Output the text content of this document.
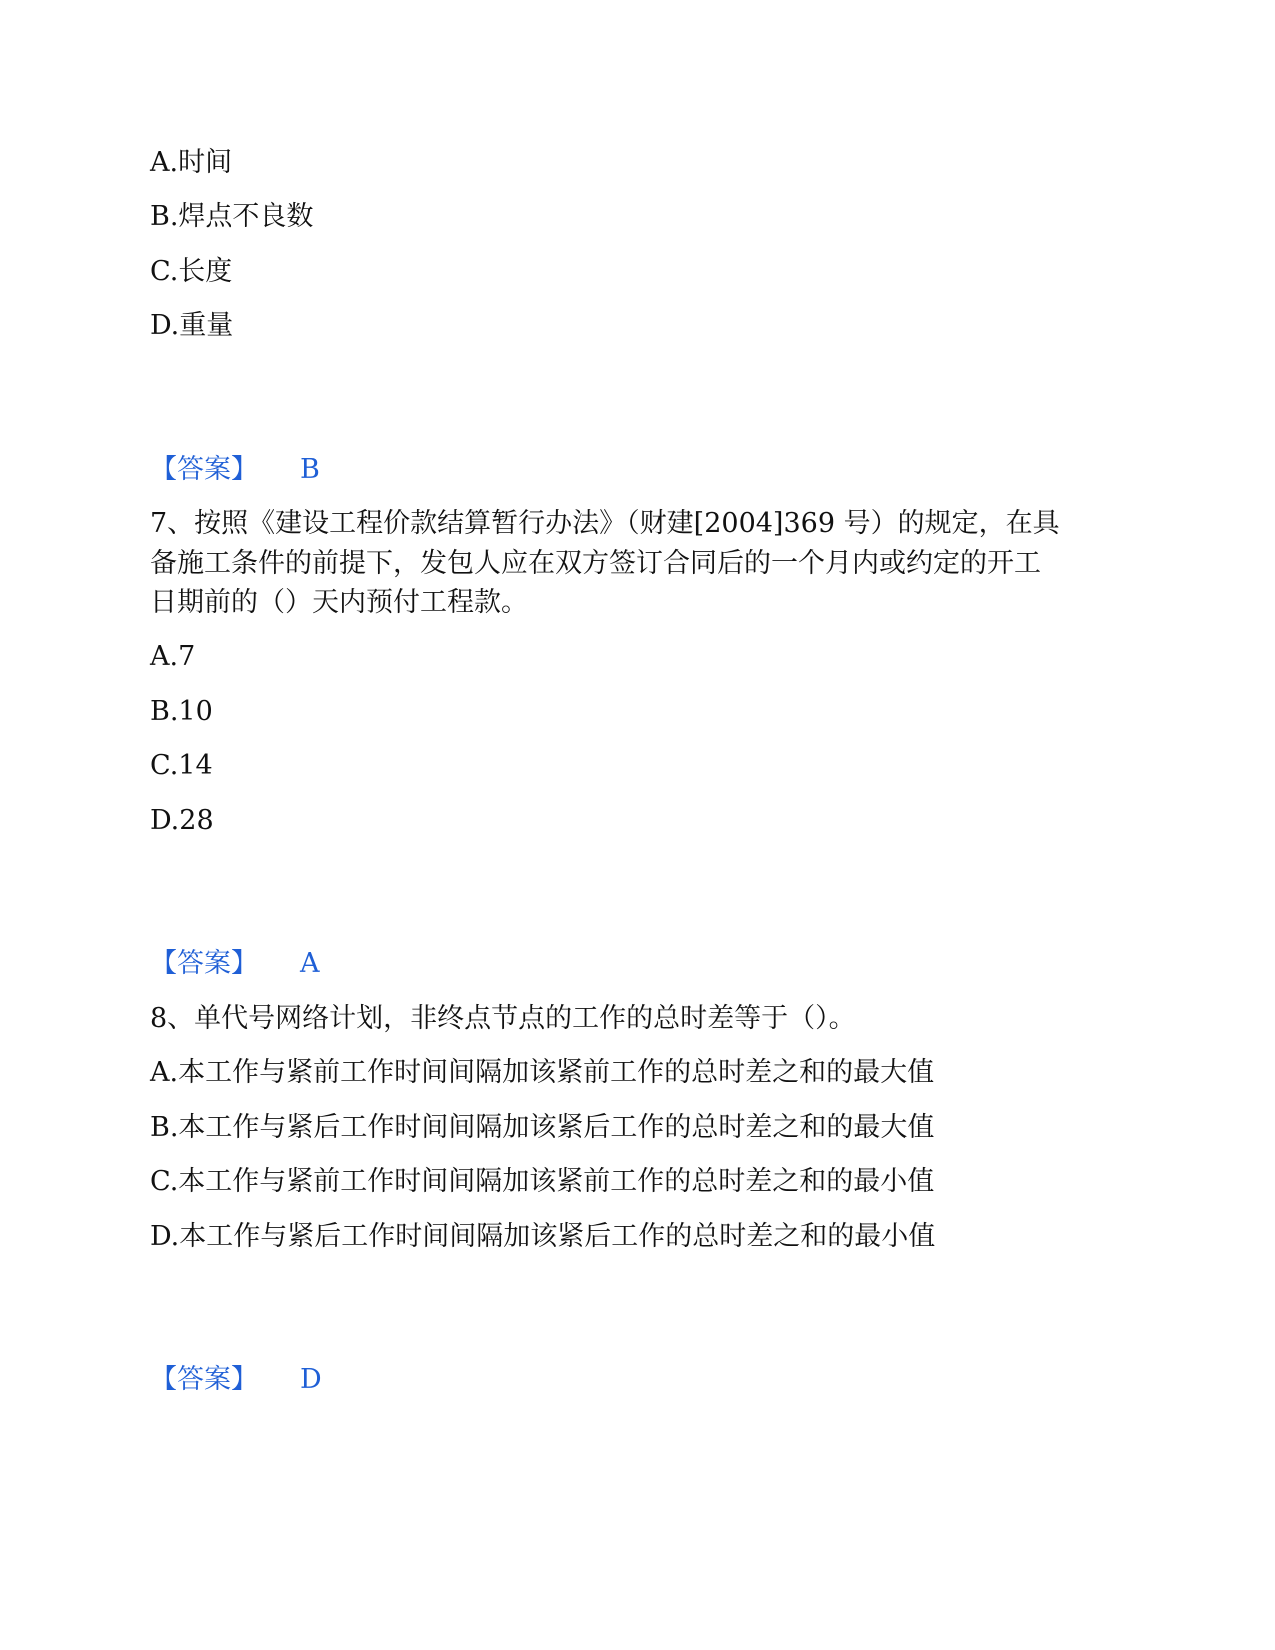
A.时间
B.焊点不良数
C.长度
D.重量
【答案】 B
7、按照《建设工程价款结算暂行办法》（财建[2004]369 号）的规定，在具
备施工条件的前提下，发包人应在双方签订合同后的一个月内或约定的开工
日期前的（）天内预付工程款。
A.7
B.10
C.14
D.28
【答案】 A
8、单代号网络计划，非终点节点的工作的总时差等于（）。
A.本工作与紧前工作时间间隔加该紧前工作的总时差之和的最大值
B.本工作与紧后工作时间间隔加该紧后工作的总时差之和的最大值
C.本工作与紧前工作时间间隔加该紧前工作的总时差之和的最小值
D.本工作与紧后工作时间间隔加该紧后工作的总时差之和的最小值
【答案】 D
